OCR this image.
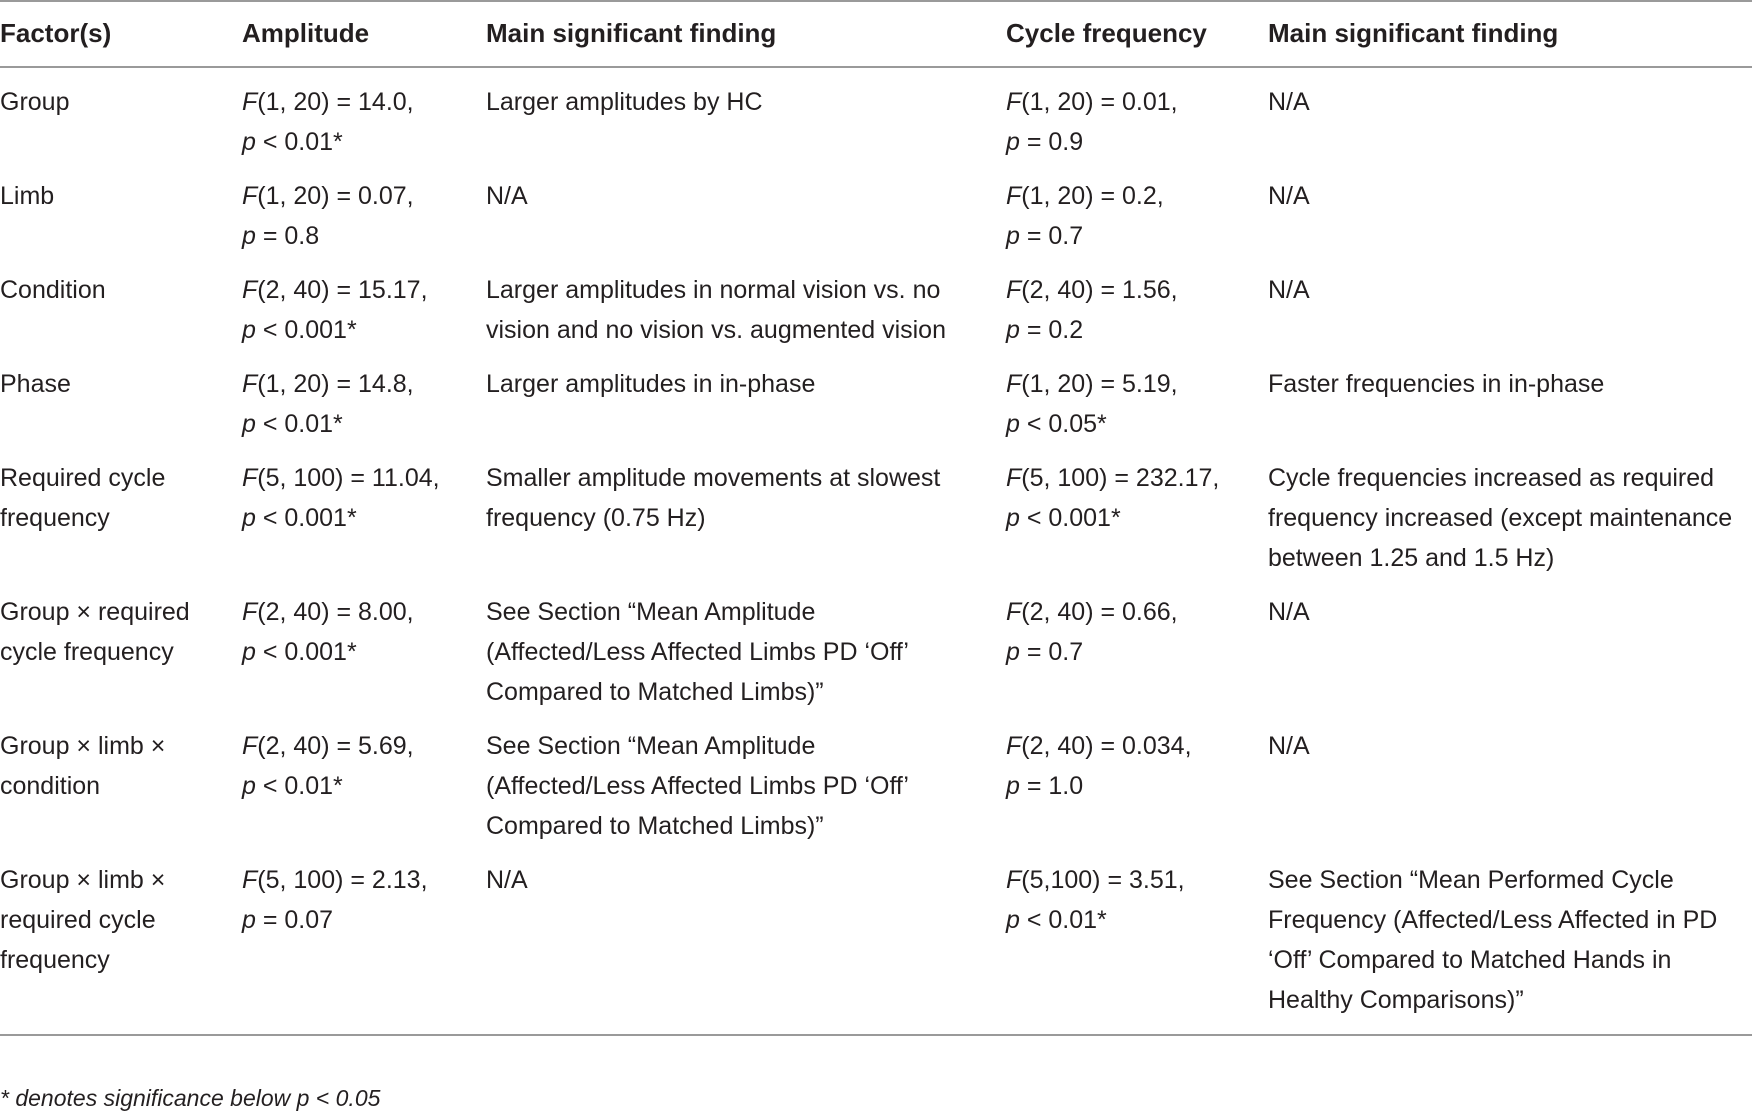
Factor(s)	Amplitude	Main significant finding	Cycle frequency	Main significant finding

Group	F(1, 20) = 14.0,
p < 0.01*	Larger amplitudes by HC	F(1, 20) = 0.01,
p = 0.9	N/A

Limb	F(1, 20) = 0.07,
p = 0.8	N/A	F(1, 20) = 0.2,
p = 0.7	N/A

Condition	F(2, 40) = 15.17,
p < 0.001*	Larger amplitudes in normal vision vs. no
vision and no vision vs. augmented vision	F(2, 40) = 1.56,
p = 0.2	N/A

Phase	F(1, 20) = 14.8,
p < 0.01*	Larger amplitudes in in-phase	F(1, 20) = 5.19,
p < 0.05*	Faster frequencies in in-phase

Required cycle
frequency	F(5, 100) = 11.04,
p < 0.001*	Smaller amplitude movements at slowest
frequency (0.75 Hz)	F(5, 100) = 232.17,
p < 0.001*	Cycle frequencies increased as required
frequency increased (except maintenance
between 1.25 and 1.5 Hz)

Group × required
cycle frequency	F(2, 40) = 8.00,
p < 0.001*	See Section “Mean Amplitude
(Affected/Less Affected Limbs PD ‘Off’
Compared to Matched Limbs)”	F(2, 40) = 0.66,
p = 0.7	N/A

Group × limb ×
condition	F(2, 40) = 5.69,
p < 0.01*	See Section “Mean Amplitude
(Affected/Less Affected Limbs PD ‘Off’
Compared to Matched Limbs)”	F(2, 40) = 0.034,
p = 1.0	N/A

Group × limb ×
required cycle
frequency	F(5, 100) = 2.13,
p = 0.07	N/A	F(5,100) = 3.51,
p < 0.01*	See Section “Mean Performed Cycle
Frequency (Affected/Less Affected in PD
‘Off’ Compared to Matched Hands in
Healthy Comparisons)”
* denotes significance below p < 0.05
